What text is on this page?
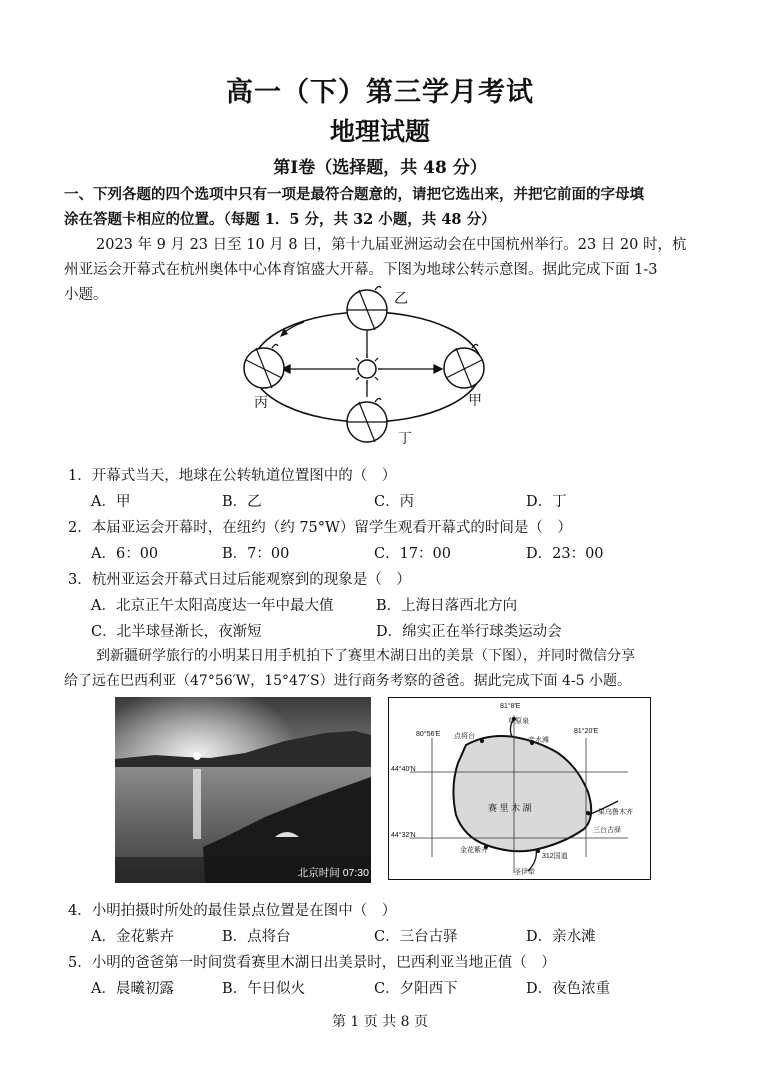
高一（下）第三学月考试
地理试题
第Ⅰ卷（选择题，共 48 分）
一、下列各题的四个选项中只有一项是最符合题意的，请把它选出来，并把它前面的字母填
涂在答题卡相应的位置。（每题 1．5 分，共 32 小题，共 48 分）
2023 年 9 月 23 日至 10 月 8 日，第十九届亚洲运动会在中国杭州举行。23 日 20 时，杭
州亚运会开幕式在杭州奥体中心体育馆盛大开幕。下图为地球公转示意图。据此完成下面 1-3
小题。	乙
丙	甲
丁
1．开幕式当天，地球在公转轨道位置图中的（　）
A．甲	B．乙	C．丙	D．丁
2．本届亚运会开幕时，在纽约（约 75°W）留学生观看开幕式的时间是（　）
A．6：00	B．7：00	C．17：00	D．23：00
3．杭州亚运会开幕式日过后能观察到的现象是（　）
A．北京正午太阳高度达一年中最大值	B．上海日落西北方向
C．北半球昼渐长，夜渐短	D．绵实正在举行球类运动会
到新疆研学旅行的小明某日用手机拍下了赛里木湖日出的美景（下图），并同时微信分享
给了远在巴西利亚（47°56′W，15°47′S）进行商务考察的爸爸。据此完成下面 4-5 小题。
北京时间 07:30
80°56′E
81°8′E
81°20′E
44°40′N
44°32′N
赛 里 木 湖
草原泉
点将台
亲水滩
果乌鲁木齐
三台古驿
金花紫卉
312国道
圣伊犁
4．小明拍摄时所处的最佳景点位置是在图中（　）
A．金花紫卉	B．点将台	C．三台古驿	D．亲水滩
5．小明的爸爸第一时间赏看赛里木湖日出美景时，巴西利亚当地正值（　）
A．晨曦初露	B．午日似火	C．夕阳西下	D．夜色浓重
第 1 页 共 8 页
